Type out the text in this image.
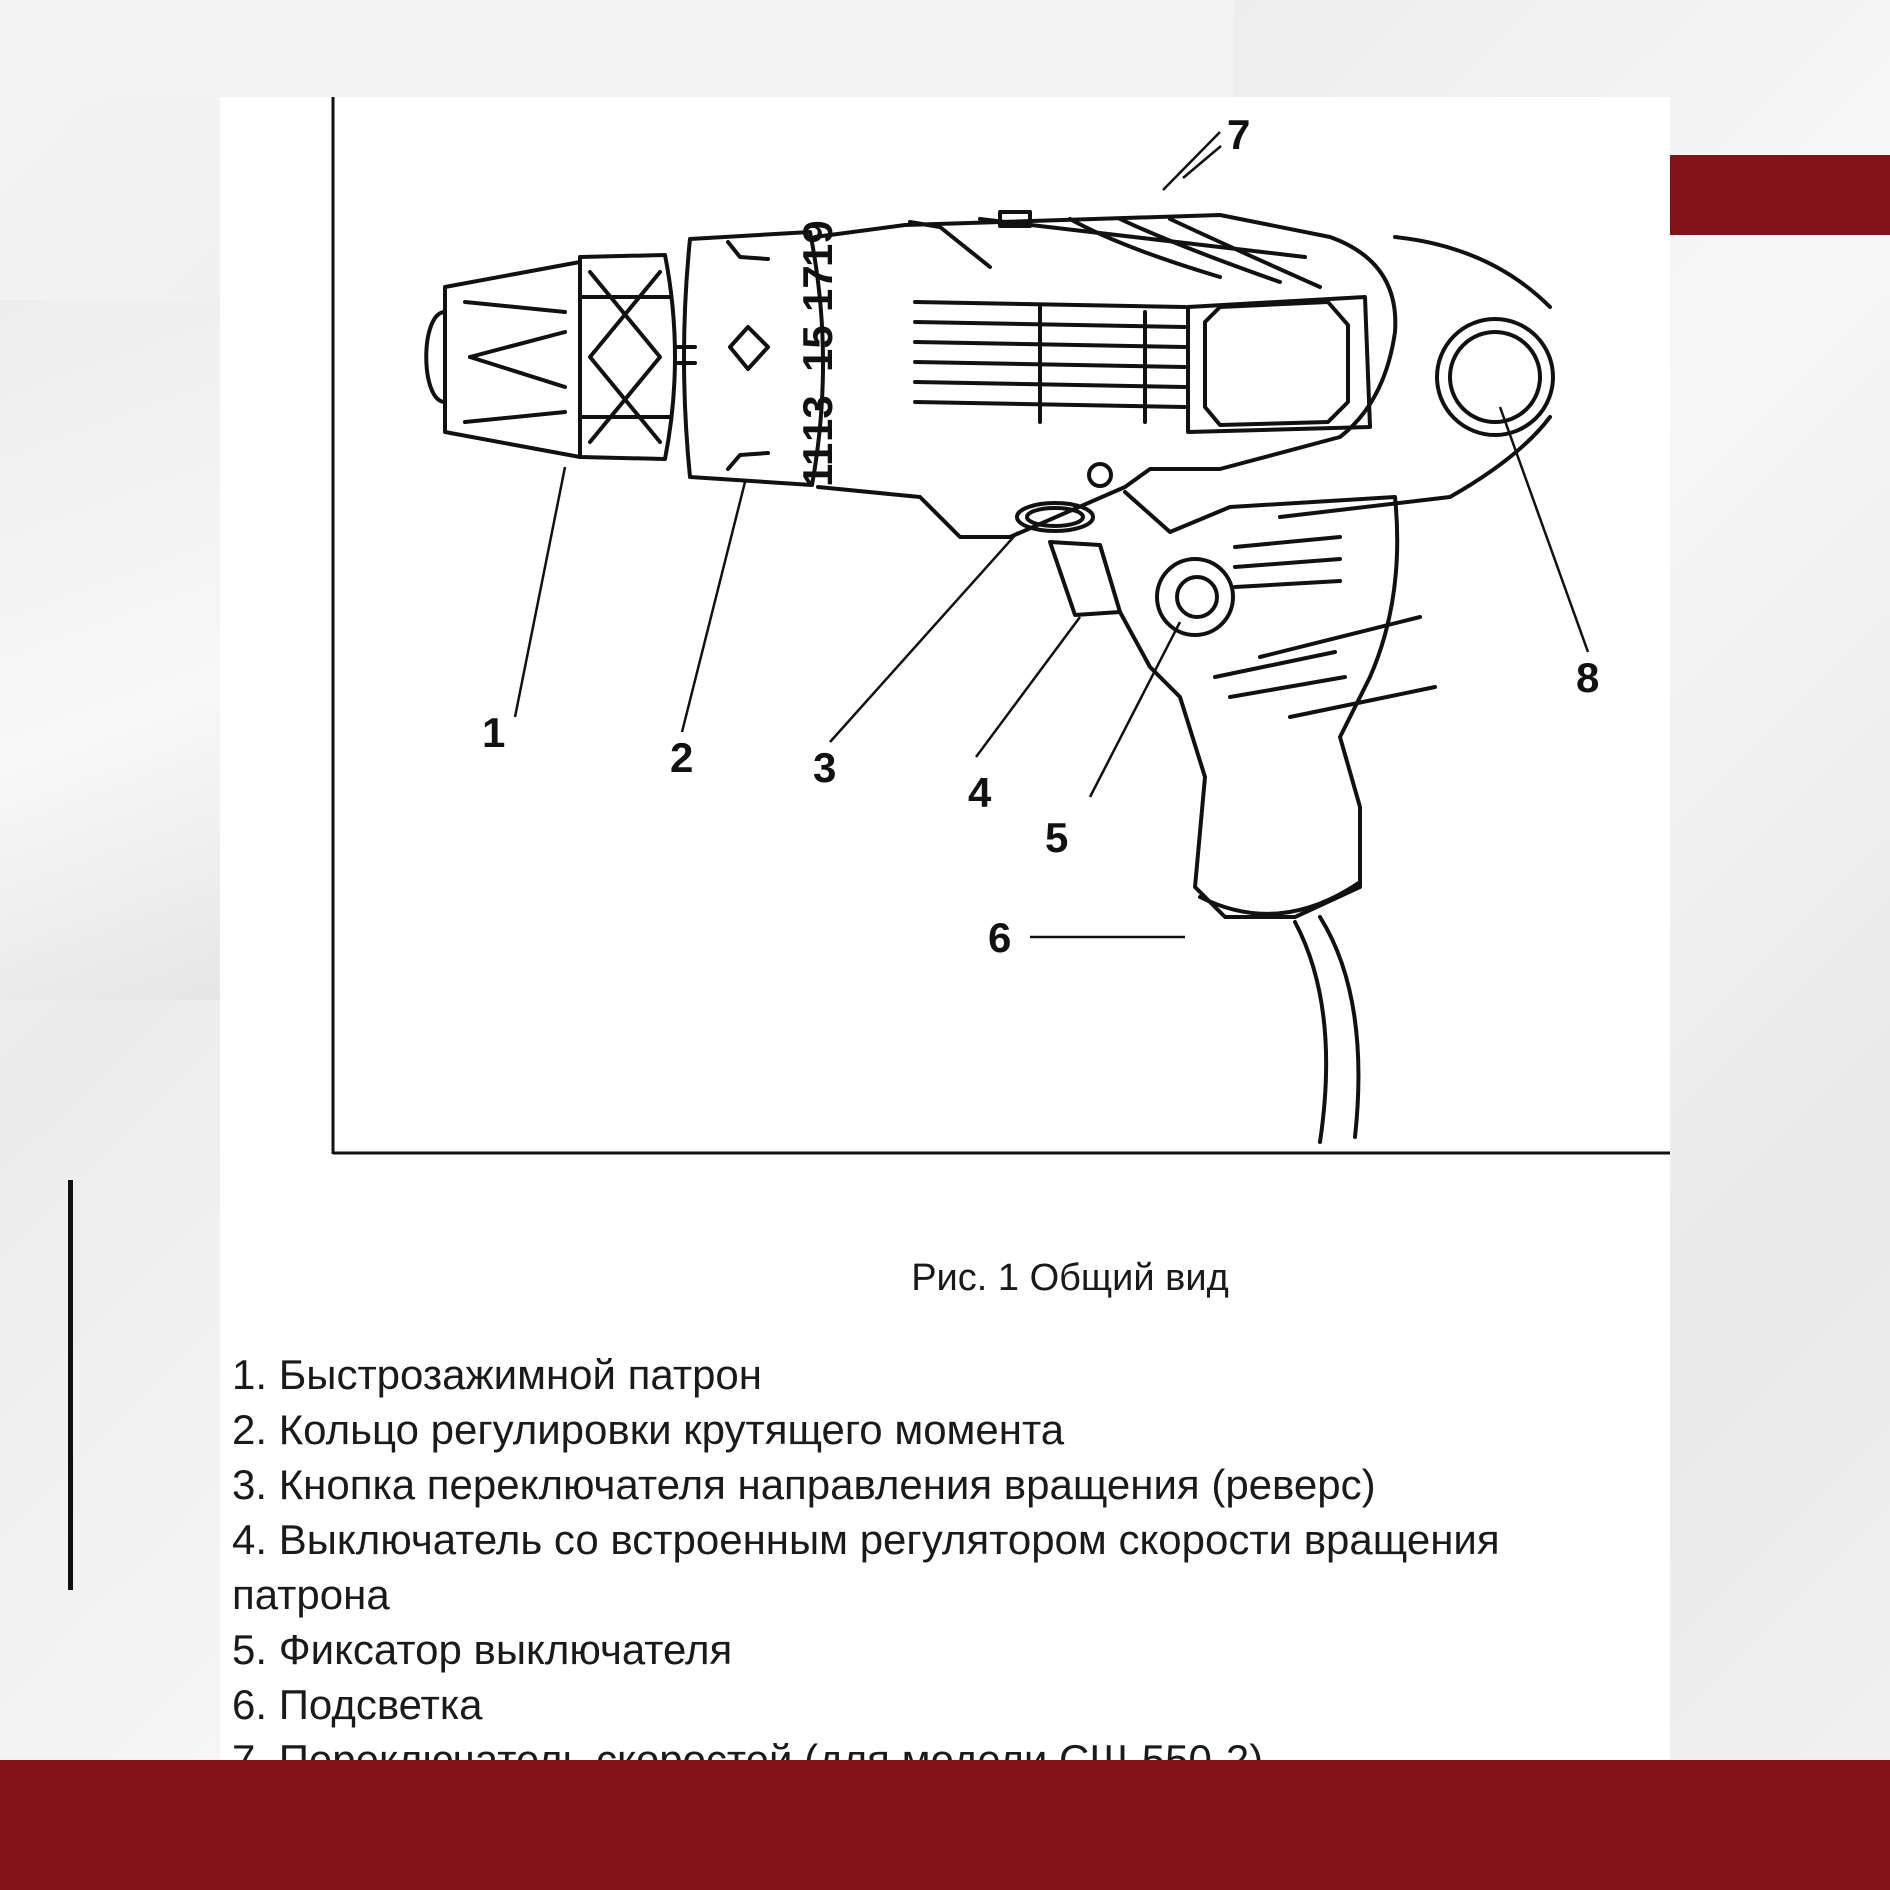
11
13
15
17
19
1
2	3
4
5
6
7
8
Рис. 1 Общий вид
1. Быстрозажимной патрон
2. Кольцо регулировки крутящего момента
3. Кнопка переключателя направления вращения (реверс)
4. Выключатель со встроенным регулятором скорости вращения патрона
5. Фиксатор выключателя
6. Подсветка
